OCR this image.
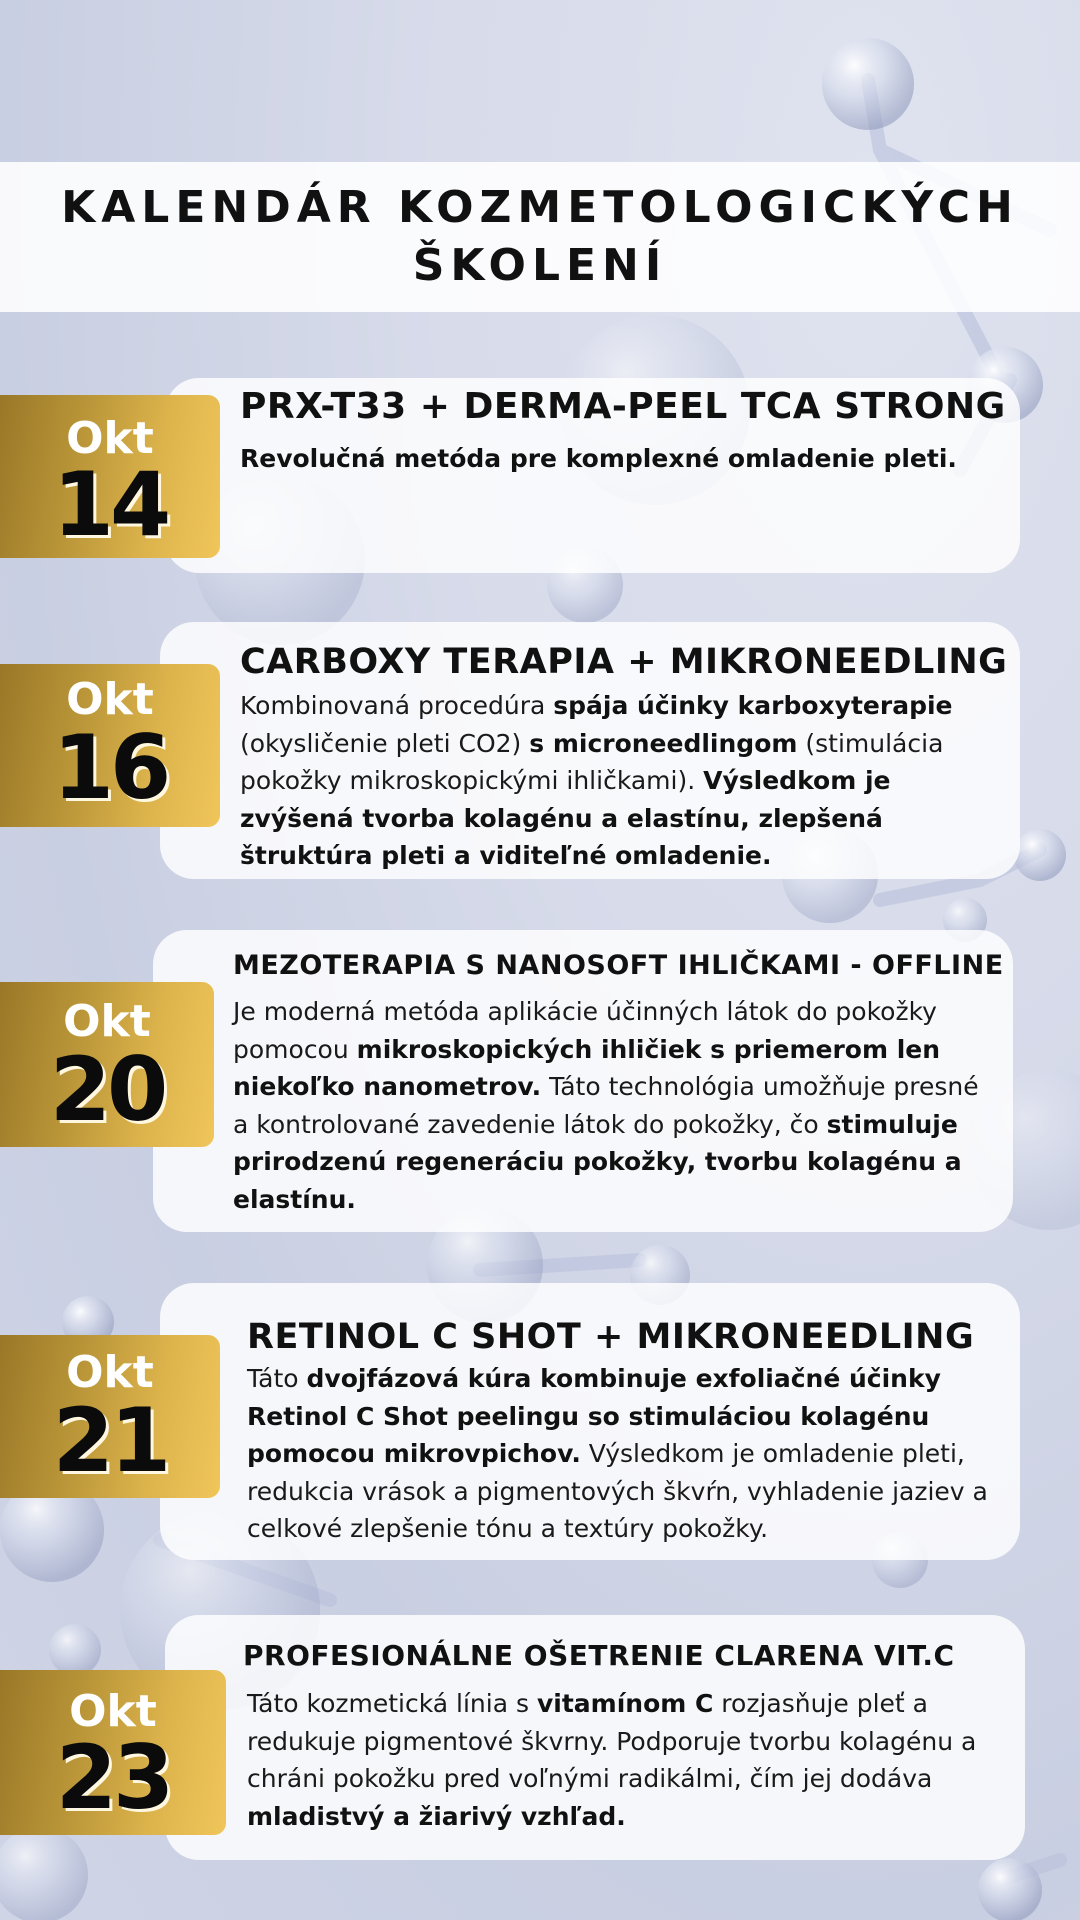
KALENDÁR KOZMETOLOGICKÝCH
ŠKOLENÍ
PRX-T33 + DERMA-PEEL TCA STRONG
Revolučná metóda pre komplexné omladenie pleti.
Okt
14
CARBOXY TERAPIA + MIKRONEEDLING
Kombinovaná procedúra spája účinky karboxyterapie (okysličenie pleti CO2) s microneedlingom (stimulácia pokožky mikroskopickými ihličkami). Výsledkom je zvýšená tvorba kolagénu a elastínu, zlepšená štruktúra pleti a viditeľné omladenie.
Okt
16
MEZOTERAPIA S NANOSOFT IHLIČKAMI - OFFLINE
Je moderná metóda aplikácie účinných látok do pokožky pomocou mikroskopických ihličiek s priemerom len niekoľko nanometrov. Táto technológia umožňuje presné a kontrolované zavedenie látok do pokožky, čo stimuluje prirodzenú regeneráciu pokožky, tvorbu kolagénu a elastínu.
Okt
20
RETINOL C SHOT + MIKRONEEDLING
Táto dvojfázová kúra kombinuje exfoliačné účinky Retinol C Shot peelingu so stimuláciou kolagénu pomocou mikrovpichov. Výsledkom je omladenie pleti, redukcia vrások a pigmentových škvŕn, vyhladenie jaziev a celkové zlepšenie tónu a textúry pokožky.
Okt
21
PROFESIONÁLNE OŠETRENIE CLARENA VIT.C
Táto kozmetická línia s vitamínom C rozjasňuje pleť a redukuje pigmentové škvrny. Podporuje tvorbu kolagénu a chráni pokožku pred voľnými radikálmi, čím jej dodáva mladistvý a žiarivý vzhľad.
Okt
23
